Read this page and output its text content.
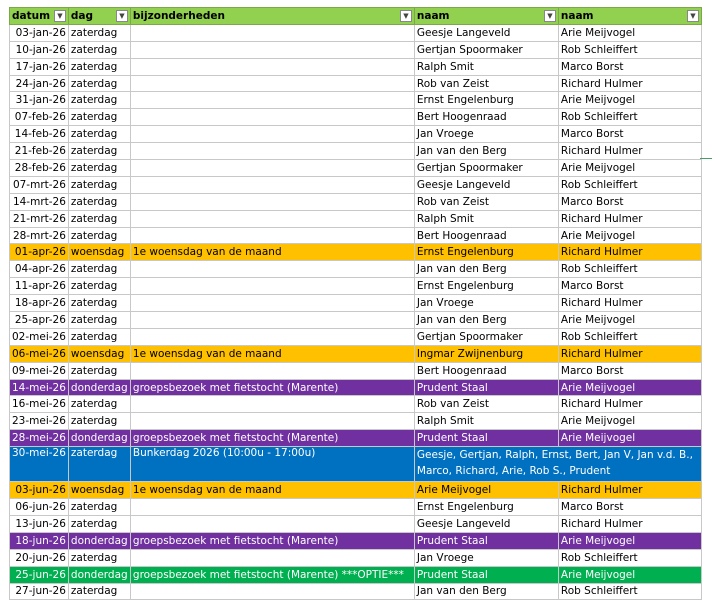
datum ▼	dag ▼	bijzonderheden ▼	naam ▼	naam ▼

03-jan-26	zaterdag		Geesje Langeveld	Arie Meijvogel
10-jan-26	zaterdag		Gertjan Spoormaker	Rob Schleiffert
17-jan-26	zaterdag		Ralph Smit	Marco Borst
24-jan-26	zaterdag		Rob van Zeist	Richard Hulmer
31-jan-26	zaterdag		Ernst Engelenburg	Arie Meijvogel
07-feb-26	zaterdag		Bert Hoogenraad	Rob Schleiffert
14-feb-26	zaterdag		Jan Vroege	Marco Borst
21-feb-26	zaterdag		Jan van den Berg	Richard Hulmer
28-feb-26	zaterdag		Gertjan Spoormaker	Arie Meijvogel
07-mrt-26	zaterdag		Geesje Langeveld	Rob Schleiffert
14-mrt-26	zaterdag		Rob van Zeist	Marco Borst
21-mrt-26	zaterdag		Ralph Smit	Richard Hulmer
28-mrt-26	zaterdag		Bert Hoogenraad	Arie Meijvogel
01-apr-26	woensdag	1e woensdag van de maand	Ernst Engelenburg	Richard Hulmer
04-apr-26	zaterdag		Jan van den Berg	Rob Schleiffert
11-apr-26	zaterdag		Ernst Engelenburg	Marco Borst
18-apr-26	zaterdag		Jan Vroege	Richard Hulmer
25-apr-26	zaterdag		Jan van den Berg	Arie Meijvogel
02-mei-26	zaterdag		Gertjan Spoormaker	Rob Schleiffert
06-mei-26	woensdag	1e woensdag van de maand	Ingmar Zwijnenburg	Richard Hulmer
09-mei-26	zaterdag		Bert Hoogenraad	Marco Borst
14-mei-26	donderdag	groepsbezoek met fietstocht (Marente)	Prudent Staal	Arie Meijvogel
16-mei-26	zaterdag		Rob van Zeist	Richard Hulmer
23-mei-26	zaterdag		Ralph Smit	Arie Meijvogel
28-mei-26	donderdag	groepsbezoek met fietstocht (Marente)	Prudent Staal	Arie Meijvogel
30-mei-26	zaterdag	Bunkerdag 2026 (10:00u - 17:00u)	Geesje, Gertjan, Ralph, Ernst, Bert, Jan V, Jan v.d. B., Marco, Richard, Arie, Rob S., Prudent	
03-jun-26	woensdag	1e woensdag van de maand	Arie Meijvogel	Richard Hulmer
06-jun-26	zaterdag		Ernst Engelenburg	Marco Borst
13-jun-26	zaterdag		Geesje Langeveld	Richard Hulmer
18-jun-26	donderdag	groepsbezoek met fietstocht (Marente)	Prudent Staal	Arie Meijvogel
20-jun-26	zaterdag		Jan Vroege	Rob Schleiffert
25-jun-26	donderdag	groepsbezoek met fietstocht (Marente) ***OPTIE***	Prudent Staal	Arie Meijvogel
27-jun-26	zaterdag		Jan van den Berg	Rob Schleiffert
